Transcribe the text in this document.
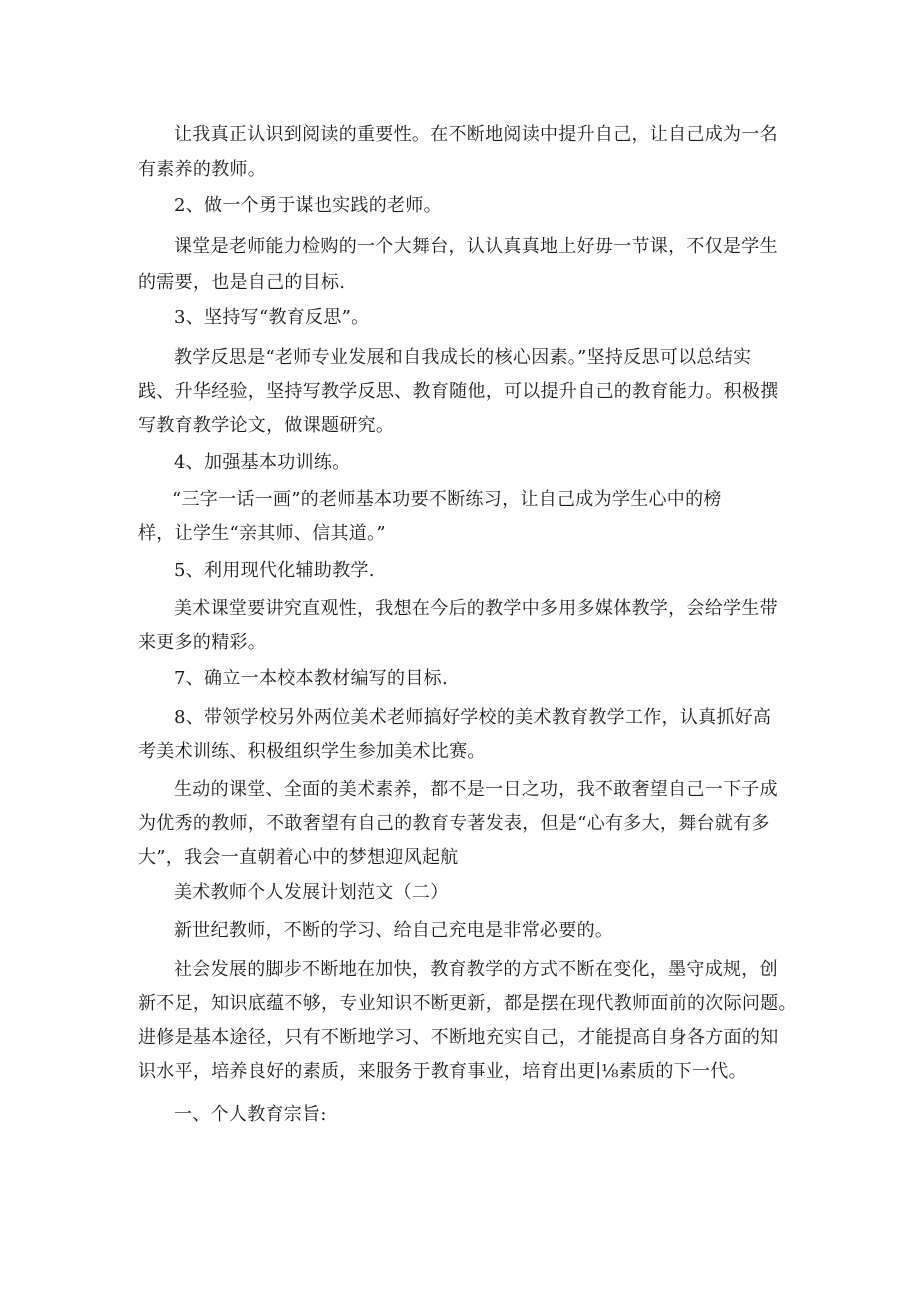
让我真正认识到阅读的重要性。在不断地阅读中提升自己，让自己成为一名
有素养的教师。
2、做一个勇于谋也实践的老师。
课堂是老师能力检购的一个大舞台，认认真真地上好毋一节课，不仅是学生
的需要，也是自己的目标.
3、坚持写“教育反思”。
教学反思是“老师专业发展和自我成长的核心因素。”坚持反思可以总结实
践、升华经验，坚持写教学反思、教育随他，可以提升自己的教育能力。积极撰
写教育教学论文，做课题研究。
4、加强基本功训练。
“三字一话一画”的老师基本功要不断练习，让自己成为学生心中的榜
样，让学生“亲其师、信其道。”
5、利用现代化辅助教学.
美术课堂要讲究直观性，我想在今后的教学中多用多媒体教学，会给学生带
来更多的精彩。
7、确立一本校本教材编写的目标.
8、带领学校另外两位美术老师搞好学校的美术教育教学工作，认真抓好高
考美术训练、积极组织学生参加美术比赛。
生动的课堂、全面的美术素养，都不是一日之功，我不敢奢望自己一下子成
为优秀的教师，不敢奢望有自己的教育专著发表，但是“心有多大，舞台就有多
大”，我会一直朝着心中的梦想迎风起航
美术教师个人发展计划范文（二）
新世纪教师，不断的学习、给自己充电是非常必要的。
社会发展的脚步不断地在加快，教育教学的方式不断在变化，墨守成规，创
新不足，知识底蕴不够，专业知识不断更新，都是摆在现代教师面前的次际问题。
进修是基本途径，只有不断地学习、不断地充实自己，才能提高自身各方面的知
识水平，培养良好的素质，来服务于教育事业，培育出更∣⅛素质的下一代。
一、个人教育宗旨:
